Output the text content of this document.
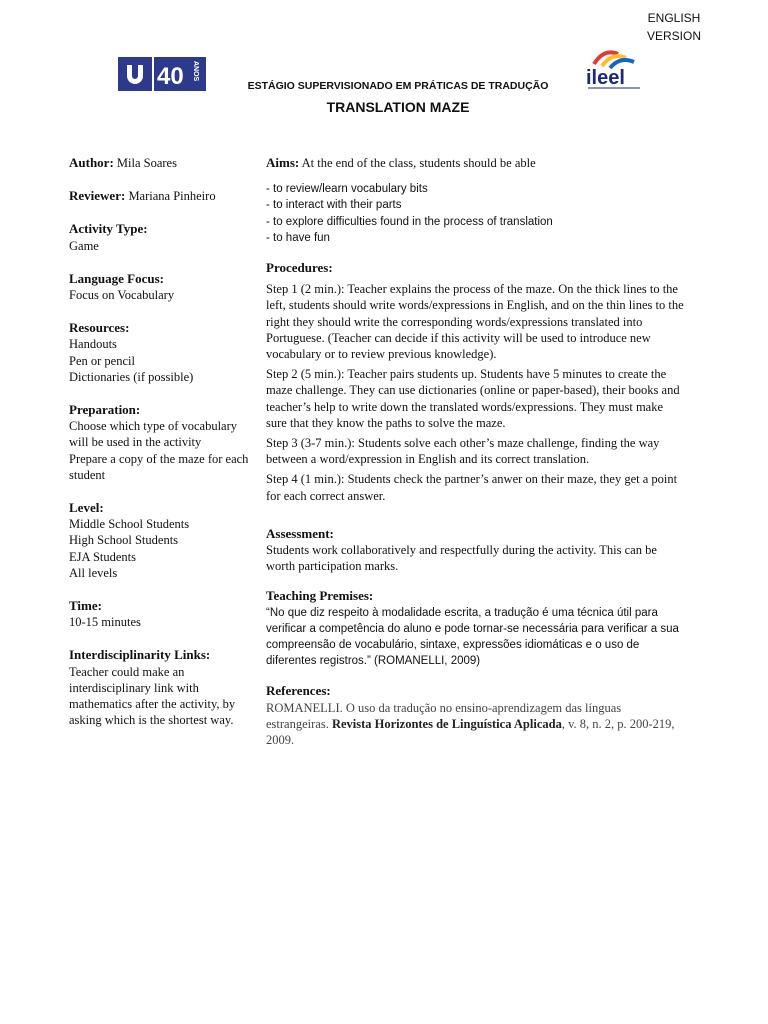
ENGLISH
VERSION
40 ANOS	ileel
ESTÁGIO SUPERVISIONADO EM PRÁTICAS DE TRADUÇÃO
TRANSLATION MAZE
Author: Mila Soares
Reviewer: Mariana Pinheiro
Activity Type:
Game
Language Focus:
Focus on Vocabulary
Resources:
Handouts
Pen or pencil
Dictionaries (if possible)
Preparation:
Choose which type of vocabulary will be used in the activity
Prepare a copy of the maze for each student
Level:
Middle School Students
High School Students
EJA Students
All levels
Time:
10-15 minutes
Interdisciplinarity Links:
Teacher could make an interdisciplinary link with mathematics after the activity, by asking which is the shortest way.
Aims: At the end of the class, students should be able
- to review/learn vocabulary bits
- to interact with their parts
- to explore difficulties found in the process of translation
- to have fun
Procedures:

Step 1 (2 min.): Teacher explains the process of the maze. On the thick lines to the left, students should write words/expressions in English, and on the thin lines to the right they should write the corresponding words/expressions translated into Portuguese. (Teacher can decide if this activity will be used to introduce new vocabulary or to review previous knowledge).

Step 2 (5 min.): Teacher pairs students up. Students have 5 minutes to create the maze challenge. They can use dictionaries (online or paper-based), their books and teacher’s help to write down the translated words/expressions. They must make sure that they know the paths to solve the maze.

Step 3 (3-7 min.): Students solve each other’s maze challenge, finding the way between a word/expression in English and its correct translation.

Step 4 (1 min.): Students check the partner’s anwer on their maze, they get a point for each correct answer.

Assessment:
Students work collaboratively and respectfully during the activity. This can be worth participation marks.
Teaching Premises:
“No que diz respeito à modalidade escrita, a tradução é uma técnica útil para verificar a competência do aluno e pode tornar-se necessária para verificar a sua compreensão de vocabulário, sintaxe, expressões idiomáticas e o uso de diferentes registros.” (ROMANELLI, 2009)
References:
ROMANELLI. O uso da tradução no ensino-aprendizagem das línguas estrangeiras. Revista Horizontes de Linguística Aplicada, v. 8, n. 2, p. 200-219, 2009.
